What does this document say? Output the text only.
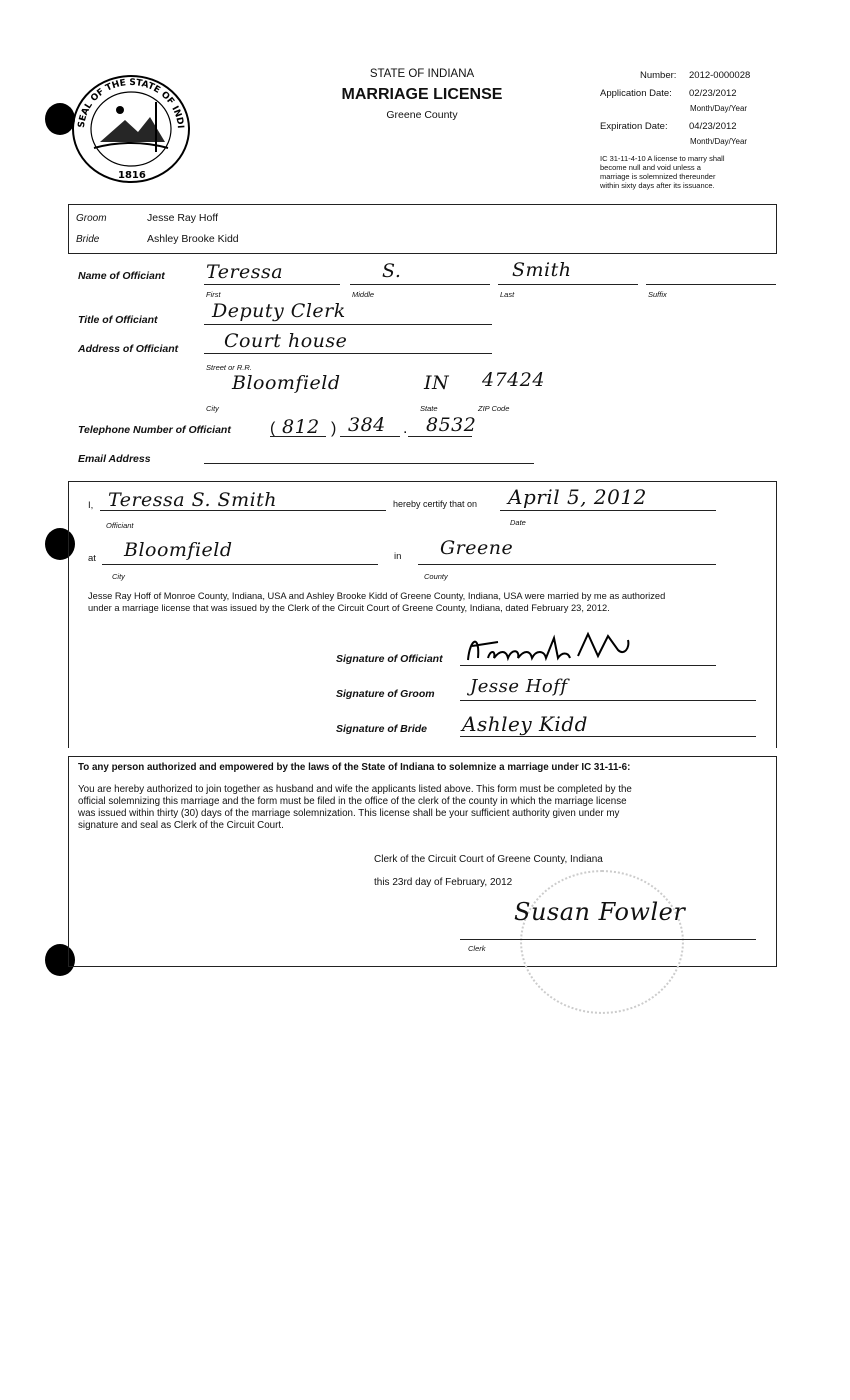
SEAL OF THE STATE OF INDI
1816
STATE OF INDIANA
MARRIAGE LICENSE
Greene County
Number: 2012-0000028
Application Date: 02/23/2012
Month/Day/Year
Expiration Date: 04/23/2012
Month/Day/Year
IC 31-11-4-10 A license to marry shall
become null and void unless a
marriage is solemnized thereunder
within sixty days after its issuance.
Groom	Jesse Ray Hoff
Bride	Ashley Brooke Kidd
Name of Officiant Teressa	S.	Smith
First	Middle	Last	Suffix
Title of Officiant	Deputy Clerk
Address of Officiant Court house
Street or R.R.
Bloomfield	IN 47424
City	State	ZIP Code
Telephone Number of Officiant ( 812 ) 384 . 8532
Email Address
I, Teressa S. Smith
Officiant
hereby certify that on April 5, 2012
Date
at Bloomfield
City
in Greene
County
Jesse Ray Hoff of Monroe County, Indiana, USA and Ashley Brooke Kidd of Greene County, Indiana, USA were married by me as authorized
under a marriage license that was issued by the Clerk of the Circuit Court of Greene County, Indiana, dated February 23, 2012.
Signature of Officiant
Signature of Groom Jesse Hoff
Signature of Bride Ashley Kidd
To any person authorized and empowered by the laws of the State of Indiana to solemnize a marriage under IC 31-11-6:
You are hereby authorized to join together as husband and wife the applicants listed above. This form must be completed by the
official solemnizing this marriage and the form must be filed in the office of the clerk of the county in which the marriage license
was issued within thirty (30) days of the marriage solemnization. This license shall be your sufficient authority given under my
signature and seal as Clerk of the Circuit Court.
Clerk of the Circuit Court of Greene County, Indiana
this 23rd day of February, 2012
Susan Fowler
Clerk
